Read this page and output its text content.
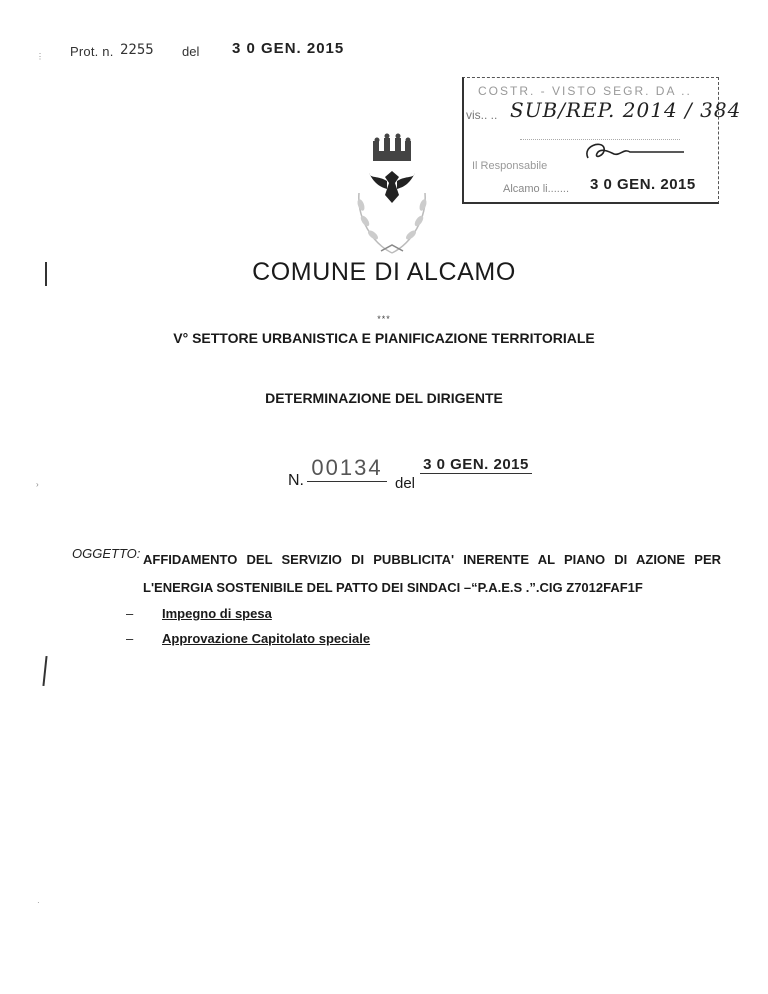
Prot. n. 2255 del 3 0 GEN. 2015
⋮
›
·
COSTR. - VISTO SEGR. DA ..
vis.. .. SUB/REP. 2014 / 384
Il Responsabile
Alcamo li....... 3 0 GEN. 2015
COMUNE DI ALCAMO
***
V° SETTORE URBANISTICA E PIANIFICAZIONE TERRITORIALE
DETERMINAZIONE DEL DIRIGENTE
N.
00134
del
3 0 GEN. 2015
OGGETTO: AFFIDAMENTO DEL SERVIZIO DI PUBBLICITA' INERENTE AL PIANO DI AZIONE PER L'ENERGIA SOSTENIBILE DEL PATTO DEI SINDACI –“P.A.E.S .”.CIG Z7012FAF1F
– Impegno di spesa
– Approvazione Capitolato speciale
